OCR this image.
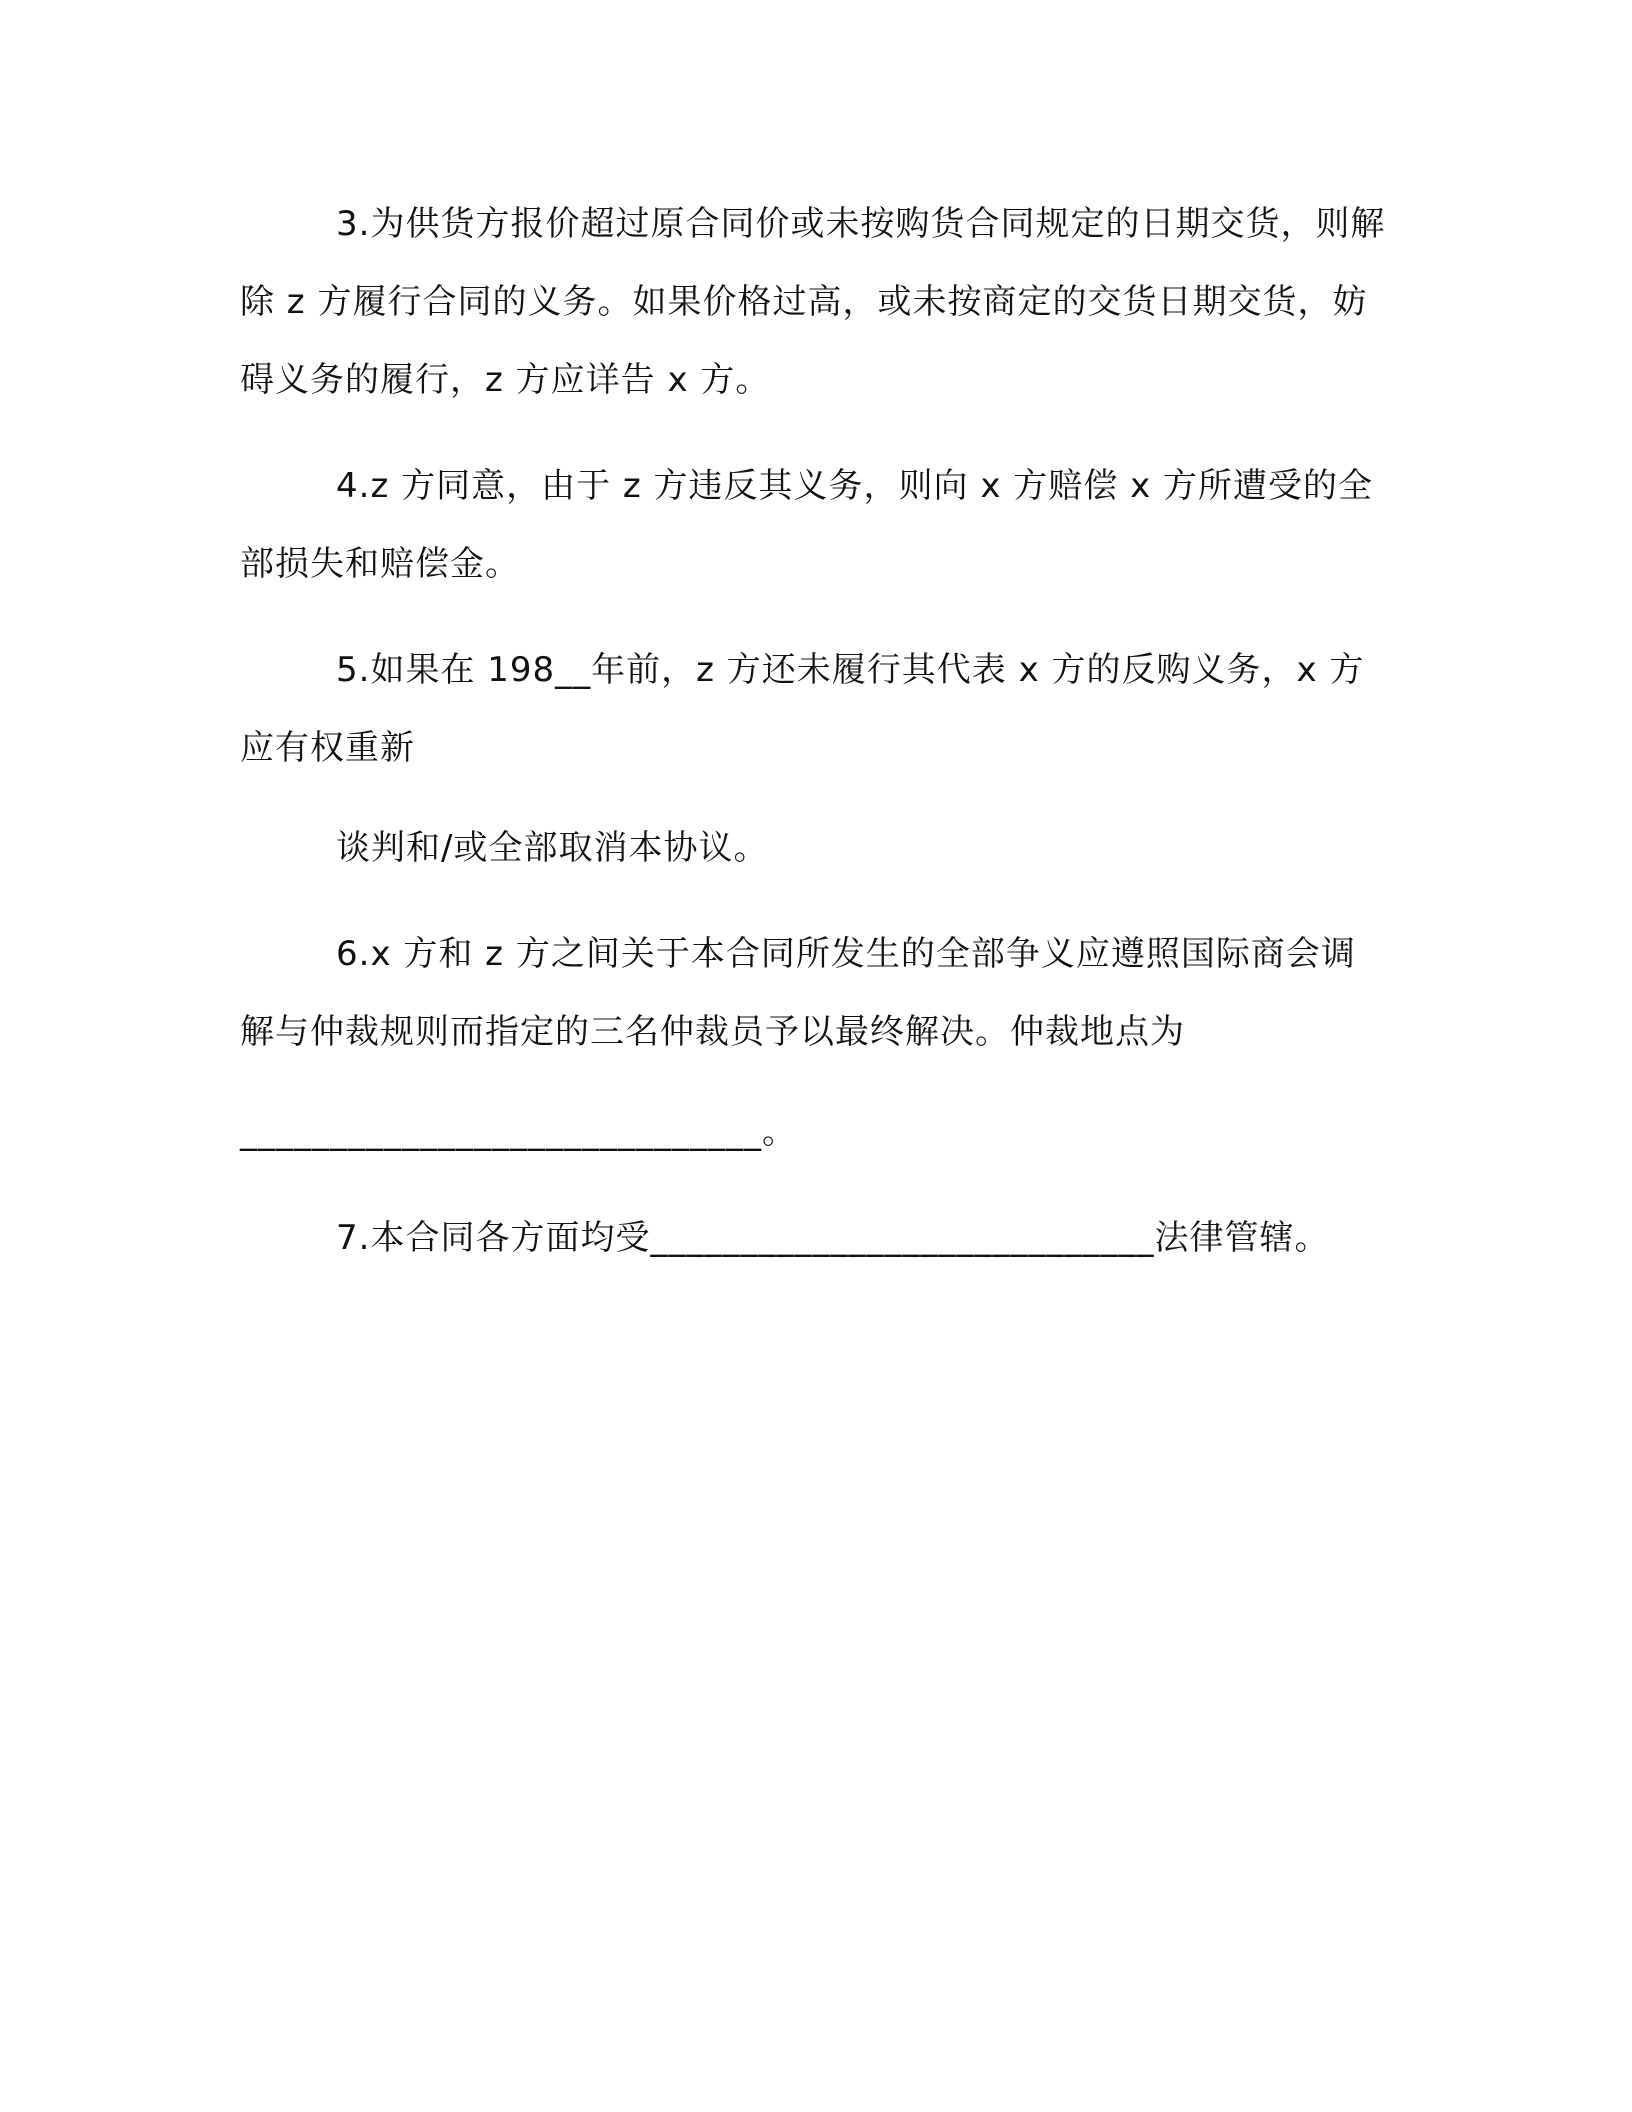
3.为供货方报价超过原合同价或未按购货合同规定的日期交货，则解除 z 方履行合同的义务。如果价格过高，或未按商定的交货日期交货，妨碍义务的履行，z 方应详告 x 方。

4.z 方同意，由于 z 方违反其义务，则向 x 方赔偿 x 方所遭受的全部损失和赔偿金。

5.如果在 198__年前，z 方还未履行其代表 x 方的反购义务，x 方应有权重新

谈判和/或全部取消本协议。

6.x 方和 z 方之间关于本合同所发生的全部争义应遵照国际商会调解与仲裁规则而指定的三名仲裁员予以最终解决。仲裁地点为

_____________________________。

7.本合同各方面均受____________________________法律管辖。
